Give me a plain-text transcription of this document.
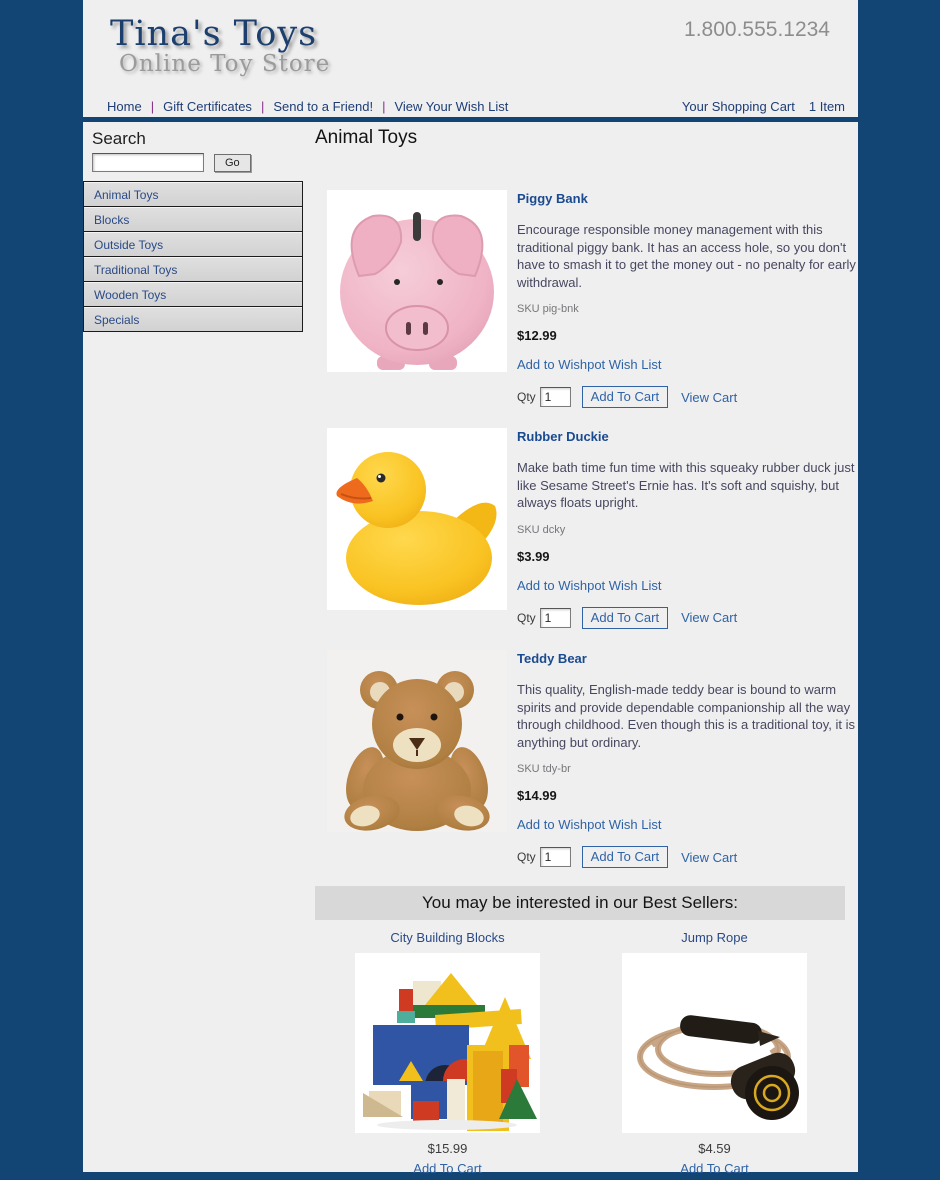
Tina's Toys
Online Toy Store
1.800.555.1234
Home | Gift Certificates | Send to a Friend! | View Your Wish List	Your Shopping Cart 1 Item
Search
Go
Animal Toys
Blocks
Outside Toys
Traditional Toys
Wooden Toys
Specials
Animal Toys
Piggy Bank
Encourage responsible money management with this traditional piggy bank. It has an access hole, so you don't have to smash it to get the money out - no penalty for early withdrawal.
SKU pig-bnk
$12.99
Add to Wishpot Wish List
Qty
1	Add To Cart	View Cart
Rubber Duckie
Make bath time fun time with this squeaky rubber duck just like Sesame Street's Ernie has. It's soft and squishy, but always floats upright.
SKU dcky
$3.99
Add to Wishpot Wish List
Qty
1	Add To Cart	View Cart
Teddy Bear
This quality, English-made teddy bear is bound to warm spirits and provide dependable companionship all the way through childhood. Even though this is a traditional toy, it is anything but ordinary.
SKU tdy-br
$14.99
Add to Wishpot Wish List
Qty
1	Add To Cart	View Cart
You may be interested in our Best Sellers:
City Building Blocks
$15.99
Add To Cart
Jump Rope
$4.59
Add To Cart
